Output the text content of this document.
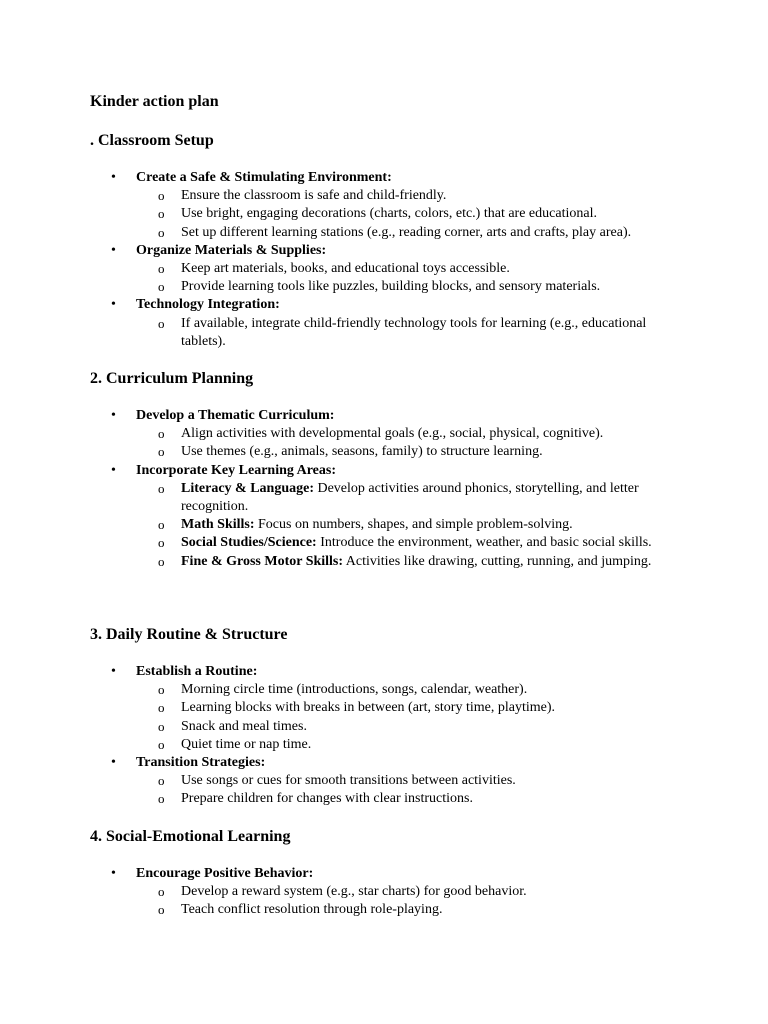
Kinder action plan
. Classroom Setup
• Create a Safe & Stimulating Environment:
o Ensure the classroom is safe and child-friendly.
o Use bright, engaging decorations (charts, colors, etc.) that are educational.
o Set up different learning stations (e.g., reading corner, arts and crafts, play area).
• Organize Materials & Supplies:
o Keep art materials, books, and educational toys accessible.
o Provide learning tools like puzzles, building blocks, and sensory materials.
• Technology Integration:
o If available, integrate child-friendly technology tools for learning (e.g., educational tablets).
2. Curriculum Planning
• Develop a Thematic Curriculum:
o Align activities with developmental goals (e.g., social, physical, cognitive).
o Use themes (e.g., animals, seasons, family) to structure learning.
• Incorporate Key Learning Areas:
o Literacy & Language: Develop activities around phonics, storytelling, and letter recognition.
o Math Skills: Focus on numbers, shapes, and simple problem-solving.
o Social Studies/Science: Introduce the environment, weather, and basic social skills.
o Fine & Gross Motor Skills: Activities like drawing, cutting, running, and jumping.
3. Daily Routine & Structure
• Establish a Routine:
o Morning circle time (introductions, songs, calendar, weather).
o Learning blocks with breaks in between (art, story time, playtime).
o Snack and meal times.
o Quiet time or nap time.
• Transition Strategies:
o Use songs or cues for smooth transitions between activities.
o Prepare children for changes with clear instructions.
4. Social-Emotional Learning
• Encourage Positive Behavior:
o Develop a reward system (e.g., star charts) for good behavior.
o Teach conflict resolution through role-playing.
